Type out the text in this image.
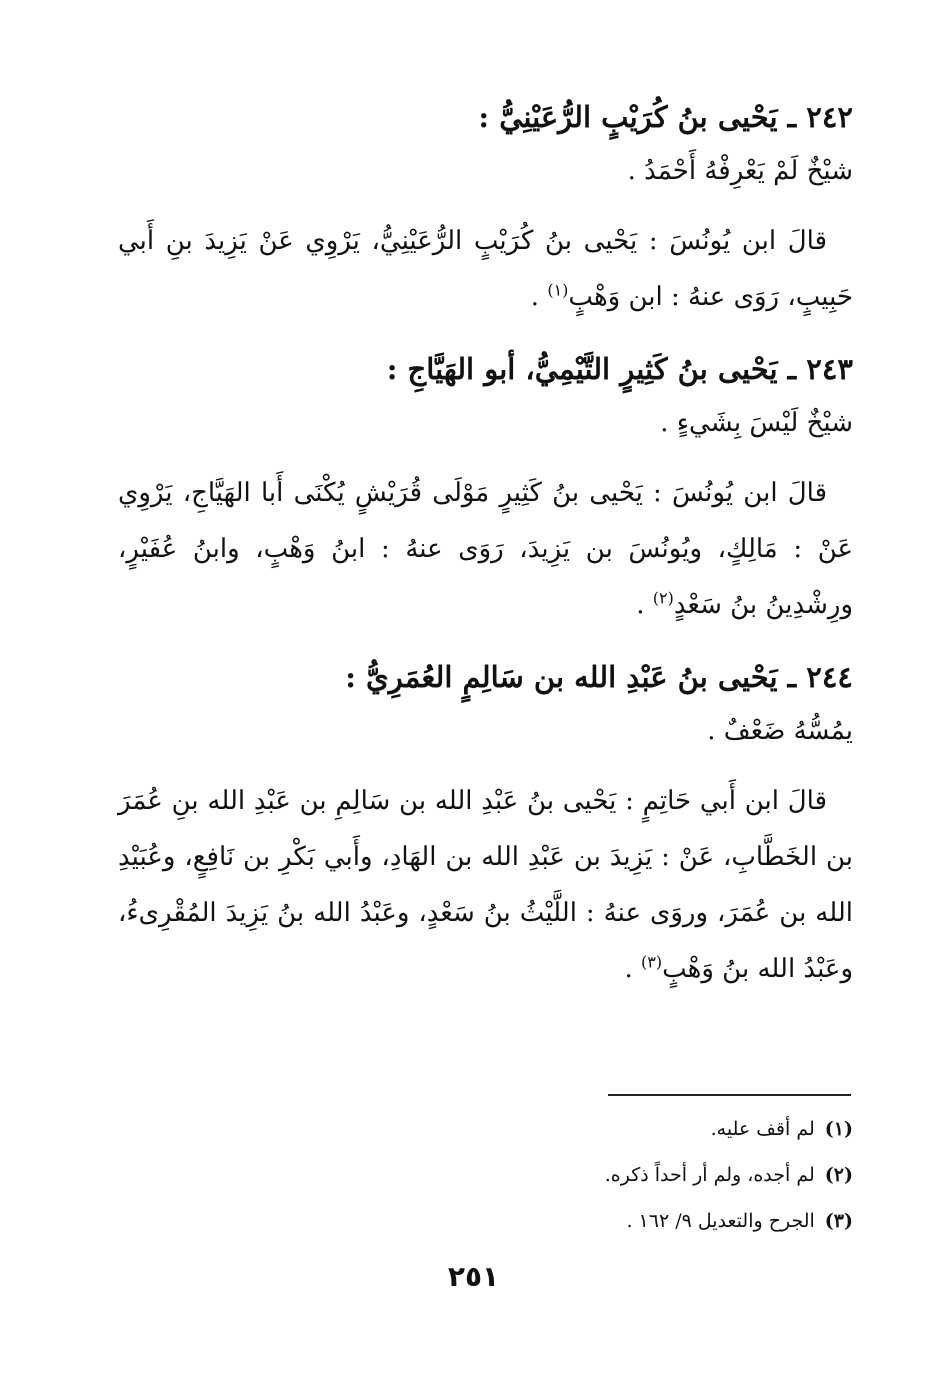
٢٤٢ ـ يَحْيى بنُ كُرَيْبٍ الرُّعَيْنِيُّ :

شيْخٌ لَمْ يَعْرِفْهُ أَحْمَدُ .

قالَ ابن يُونُسَ : يَحْيى بنُ كُرَيْبٍ الرُّعَيْنِيُّ، يَرْوِي عَنْ يَزِيدَ بنِ أَبي حَبِيبٍ، رَوَى عنهُ : ابن وَهْبٍ$^{(١)}$ .

٢٤٣ ـ يَحْيى بنُ كَثِيرٍ التَّيْمِيُّ، أبو الهَيَّاجِ :

شيْخٌ لَيْسَ بِشَيءٍ .

قالَ ابن يُونُسَ : يَحْيى بنُ كَثِيرٍ مَوْلَى قُرَيْشٍ يُكْنَى أَبا الهَيَّاجِ، يَرْوِي عَنْ : مَالِكٍ، ويُونُسَ بن يَزِيدَ، رَوَى عنهُ : ابنُ وَهْبٍ، وابنُ عُفَيْرٍ، ورِشْدِينُ بنُ سَعْدٍ$^{(٢)}$ .

٢٤٤ ـ يَحْيى بنُ عَبْدِ الله بن سَالِمٍ العُمَرِيُّ :

يمُسُّهُ ضَعْفٌ .

قالَ ابن أَبي حَاتِمٍ : يَحْيى بنُ عَبْدِ الله بن سَالِمِ بن عَبْدِ الله بنِ عُمَرَ بن الخَطَّابِ، عَنْ : يَزِيدَ بن عَبْدِ الله بن الهَادِ، وأَبي بَكْرِ بن نَافِعٍ، وعُبَيْدِ الله بن عُمَرَ، وروَى عنهُ : اللَّيْثُ بنُ سَعْدٍ، وعَبْدُ الله بنُ يَزِيدَ المُقْرِىءُ، وعَبْدُ الله بنُ وَهْبٍ$^{(٣)}$ .

(١)لم أقف عليه.
(٢)لم أجده، ولم أر أحداً ذكره.
(٣)الجرح والتعديل ٩/ ١٦٢ .
٢٥١
